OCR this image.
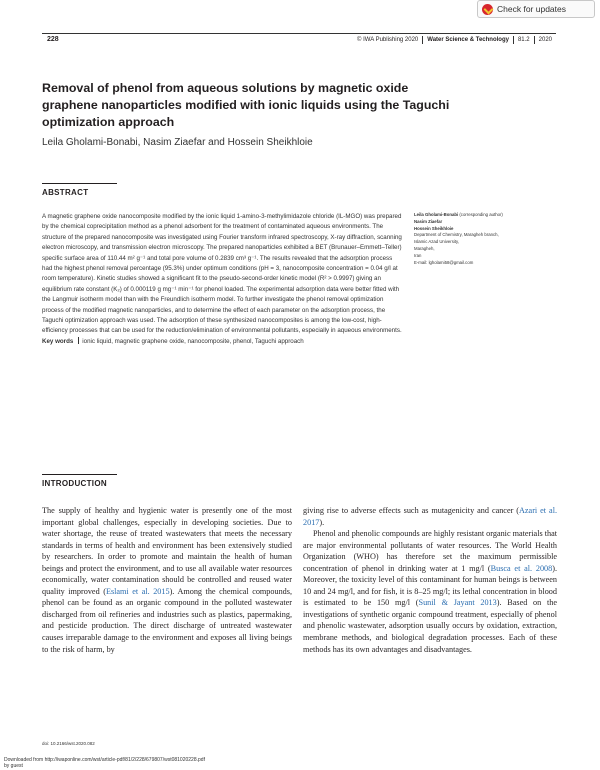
Check for updates
228	© IWA Publishing 2020 Water Science & Technology 81.2 2020
Removal of phenol from aqueous solutions by magnetic oxide graphene nanoparticles modified with ionic liquids using the Taguchi optimization approach
Leila Gholami-Bonabi, Nasim Ziaefar and Hossein Sheikhloie
ABSTRACT

A magnetic graphene oxide nanocomposite modified by the ionic liquid 1-amino-3-methylimidazole chloride (IL-MGO) was prepared by the chemical coprecipitation method as a phenol adsorbent for the treatment of contaminated aqueous environments. The structure of the prepared nanocomposite was investigated using Fourier transform infrared spectroscopy, X-ray diffraction, scanning electron microscopy, and transmission electron microscopy. The prepared nanoparticles exhibited a BET (Brunauer–Emmett–Teller) specific surface area of 110.44 m² g⁻¹ and total pore volume of 0.2839 cm³ g⁻¹. The results revealed that the adsorption process had the highest phenol removal percentage (95.3%) under optimum conditions (pH = 3, nanocomposite concentration = 0.04 g/l at room temperature). Kinetic studies showed a significant fit to the pseudo-second-order kinetic model (R² > 0.9997) giving an equilibrium rate constant (K₂) of 0.000119 g mg⁻¹ min⁻¹ for phenol loaded. The experimental adsorption data were better fitted with the Langmuir isotherm model than with the Freundlich isotherm model. To further investigate the phenol removal optimization process of the modified magnetic nanoparticles, and to determine the effect of each parameter on the adsorption process, the Taguchi optimization approach was used. The adsorption of these synthesized nanocomposites is among the low-cost, high-efficiency processes that can be used for the reduction/elimination of environmental pollutants, especially in aqueous environments.

Key words ionic liquid, magnetic graphene oxide, nanocomposite, phenol, Taguchi approach
Leila Gholami-Bonabi (corresponding author)
Nasim Ziaefar
Hossein Sheikhloie
Department of Chemistry, Maragheh branch,
Islamic Azad University,
Maragheh,
Iran
E-mail: lgholami58@gmail.com
INTRODUCTION

The supply of healthy and hygienic water is presently one of the most important global challenges, especially in developing societies. Due to water shortage, the reuse of treated wastewaters that meets the necessary standards in terms of health and environment has been extensively studied by researchers. In order to promote and maintain the health of human beings and protect the environment, and to use all available water resources economically, water contamination should be controlled and reused water quality improved (Eslami et al. 2015). Among the chemical compounds, phenol can be found as an organic compound in the polluted wastewater discharged from oil refineries and industries such as plastics, papermaking, and pesticide production. The direct discharge of untreated wastewater causes irreparable damage to the environment and exposes all living beings to the risk of harm, by

giving rise to adverse effects such as mutagenicity and cancer (Azari et al. 2017).

Phenol and phenolic compounds are highly resistant organic materials that are major environmental pollutants of water resources. The World Health Organization (WHO) has therefore set the maximum permissible concentration of phenol in drinking water at 1 mg/l (Busca et al. 2008). Moreover, the toxicity level of this contaminant for human beings is between 10 and 24 mg/l, and for fish, it is 8–25 mg/l; its lethal concentration in blood is estimated to be 150 mg/l (Sunil & Jayant 2013). Based on the investigations of synthetic organic compound treatment, especially of phenol and phenolic wastewater, adsorption usually occurs by oxidation, extraction, membrane methods, and biological degradation processes. Each of these methods has its own advantages and disadvantages.

doi: 10.2166/wst.2020.082
Downloaded from http://iwaponline.com/wst/article-pdf/81/2/228/679807/wst081020228.pdf
by guest
